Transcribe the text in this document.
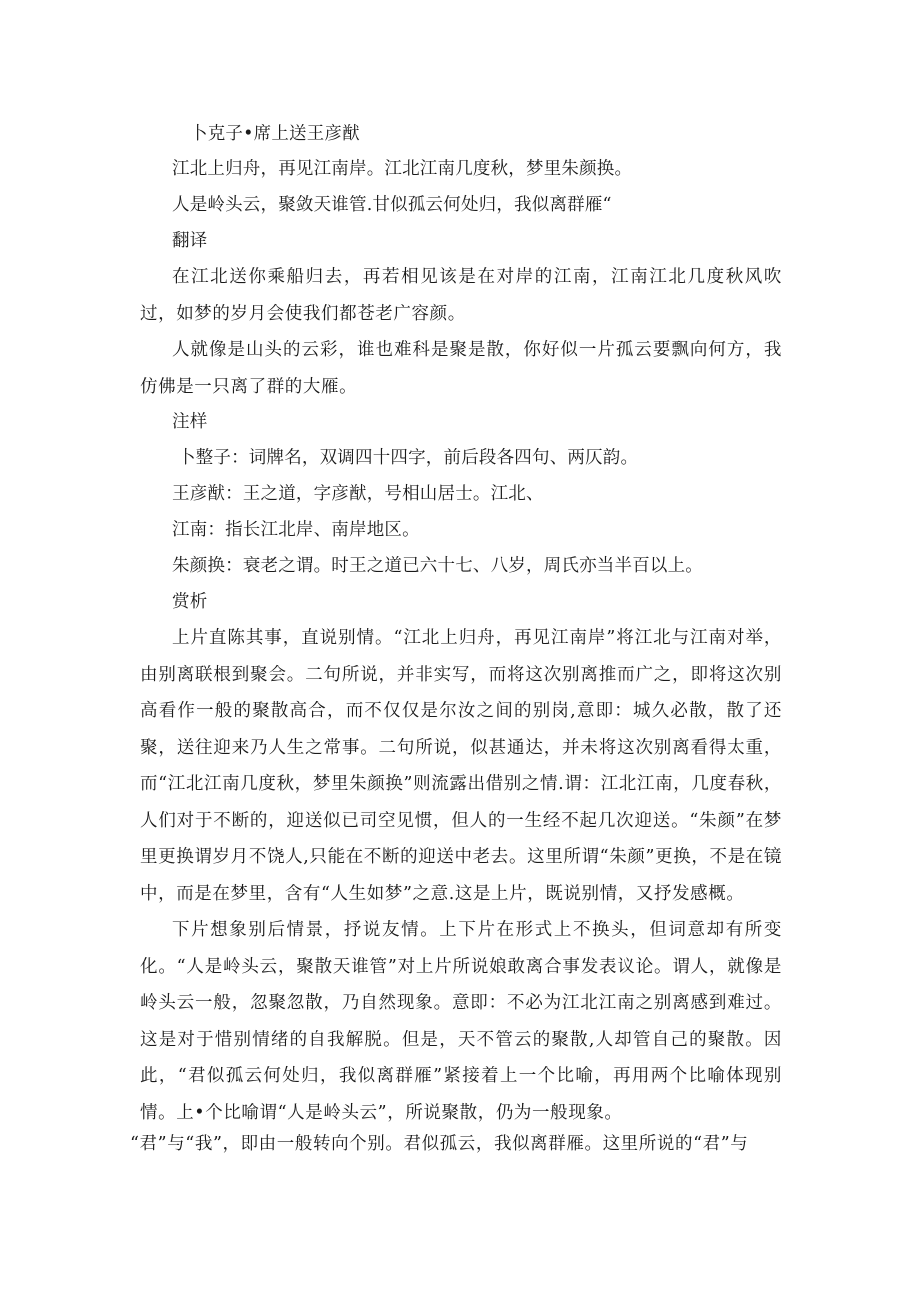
卜克子•席上送王彦猷
江北上归舟，再见江南岸。江北江南几度秋，梦里朱颜换。
人是岭头云，聚敛天谁管.甘似孤云何处归，我似离群雁“
翻译
在江北送你乘船归去，再若相见该是在对岸的江南，江南江北几度秋风吹过，如梦的岁月会使我们都苍老广容颜。
人就像是山头的云彩，谁也难科是聚是散，你好似一片孤云要飘向何方，我仿佛是一只离了群的大雁。
注样
卜整子：词牌名，双调四十四字，前后段各四句、两仄韵。
王彦猷：王之道，字彦猷，号相山居士。江北、
江南：指长江北岸、南岸地区。
朱颜换：衰老之谓。时王之道已六十七、八岁，周氏亦当半百以上。
赏析
上片直陈其事，直说别情。“江北上归舟，再见江南岸”将江北与江南对举，由别离联根到聚会。二句所说，并非实写，而将这次别离推而广之，即将这次别高看作一般的聚散高合，而不仅仅是尔汝之间的别岗,意即：城久必散，散了还聚，送往迎来乃人生之常事。二句所说，似甚通达，并未将这次别离看得太重，而“江北江南几度秋，梦里朱颜换”则流露出借别之情.谓：江北江南，几度春秋，人们对于不断的，迎送似已司空见惯，但人的一生经不起几次迎送。“朱颜”在梦里更换谓岁月不饶人,只能在不断的迎送中老去。这里所谓“朱颜”更换，不是在镜中，而是在梦里，含有“人生如梦”之意.这是上片，既说别情，又抒发感概。
下片想象别后情景，抒说友情。上下片在形式上不换头，但词意却有所变化。“人是岭头云，聚散天谁管”对上片所说娘敢离合事发表议论。谓人，就像是岭头云一般，忽聚忽散，乃自然现象。意即：不必为江北江南之别离感到难过。这是对于惜别情绪的自我解脱。但是，天不管云的聚散,人却管自己的聚散。因此，“君似孤云何处归，我似离群雁”紧接着上一个比喻，再用两个比喻体现别情。上•个比喻谓“人是岭头云”，所说聚散，仍为一般现象。
“君”与“我”，即由一般转向个别。君似孤云，我似离群雁。这里所说的“君”与
